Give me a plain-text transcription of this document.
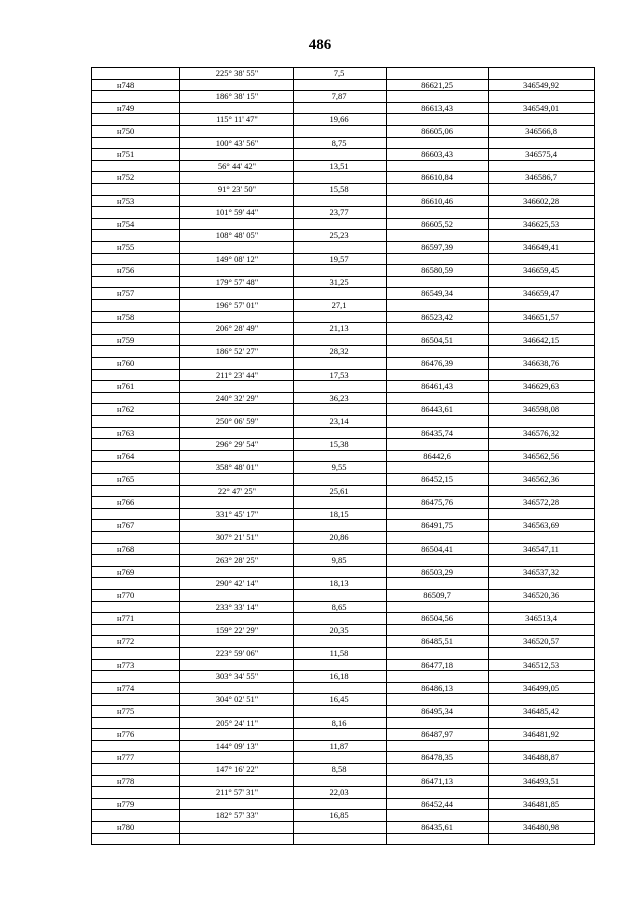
486
225° 38' 55"	7,5
н748	86621,25	346549,92
186° 38' 15"	7,87
н749	86613,43	346549,01
115° 11' 47"	19,66
н750	86605,06	346566,8
100° 43' 56"	8,75
н751	86603,43	346575,4
56° 44' 42"	13,51
н752	86610,84	346586,7
91° 23' 50"	15,58
н753	86610,46	346602,28
101° 59' 44"	23,77
н754	86605,52	346625,53
108° 48' 05"	25,23
н755	86597,39	346649,41
149° 08' 12"	19,57
н756	86580,59	346659,45
179° 57' 48"	31,25
н757	86549,34	346659,47
196° 57' 01"	27,1
н758	86523,42	346651,57
206° 28' 49"	21,13
н759	86504,51	346642,15
186° 52' 27"	28,32
н760	86476,39	346638,76
211° 23' 44"	17,53
н761	86461,43	346629,63
240° 32' 29"	36,23
н762	86443,61	346598,08
250° 06' 59"	23,14
н763	86435,74	346576,32
296° 29' 54"	15,38
н764	86442,6	346562,56
358° 48' 01"	9,55
н765	86452,15	346562,36
22° 47' 25"	25,61
н766	86475,76	346572,28
331° 45' 17"	18,15
н767	86491,75	346563,69
307° 21' 51"	20,86
н768	86504,41	346547,11
263° 28' 25"	9,85
н769	86503,29	346537,32
290° 42' 14"	18,13
н770	86509,7	346520,36
233° 33' 14"	8,65
н771	86504,56	346513,4
159° 22' 29"	20,35
н772	86485,51	346520,57
223° 59' 06"	11,58
н773	86477,18	346512,53
303° 34' 55"	16,18
н774	86486,13	346499,05
304° 02' 51"	16,45
н775	86495,34	346485,42
205° 24' 11"	8,16
н776	86487,97	346481,92
144° 09' 13"	11,87
н777	86478,35	346488,87
147° 16' 22"	8,58
н778	86471,13	346493,51
211° 57' 31"	22,03
н779	86452,44	346481,85
182° 57' 33"	16,85
н780	86435,61	346480,98
